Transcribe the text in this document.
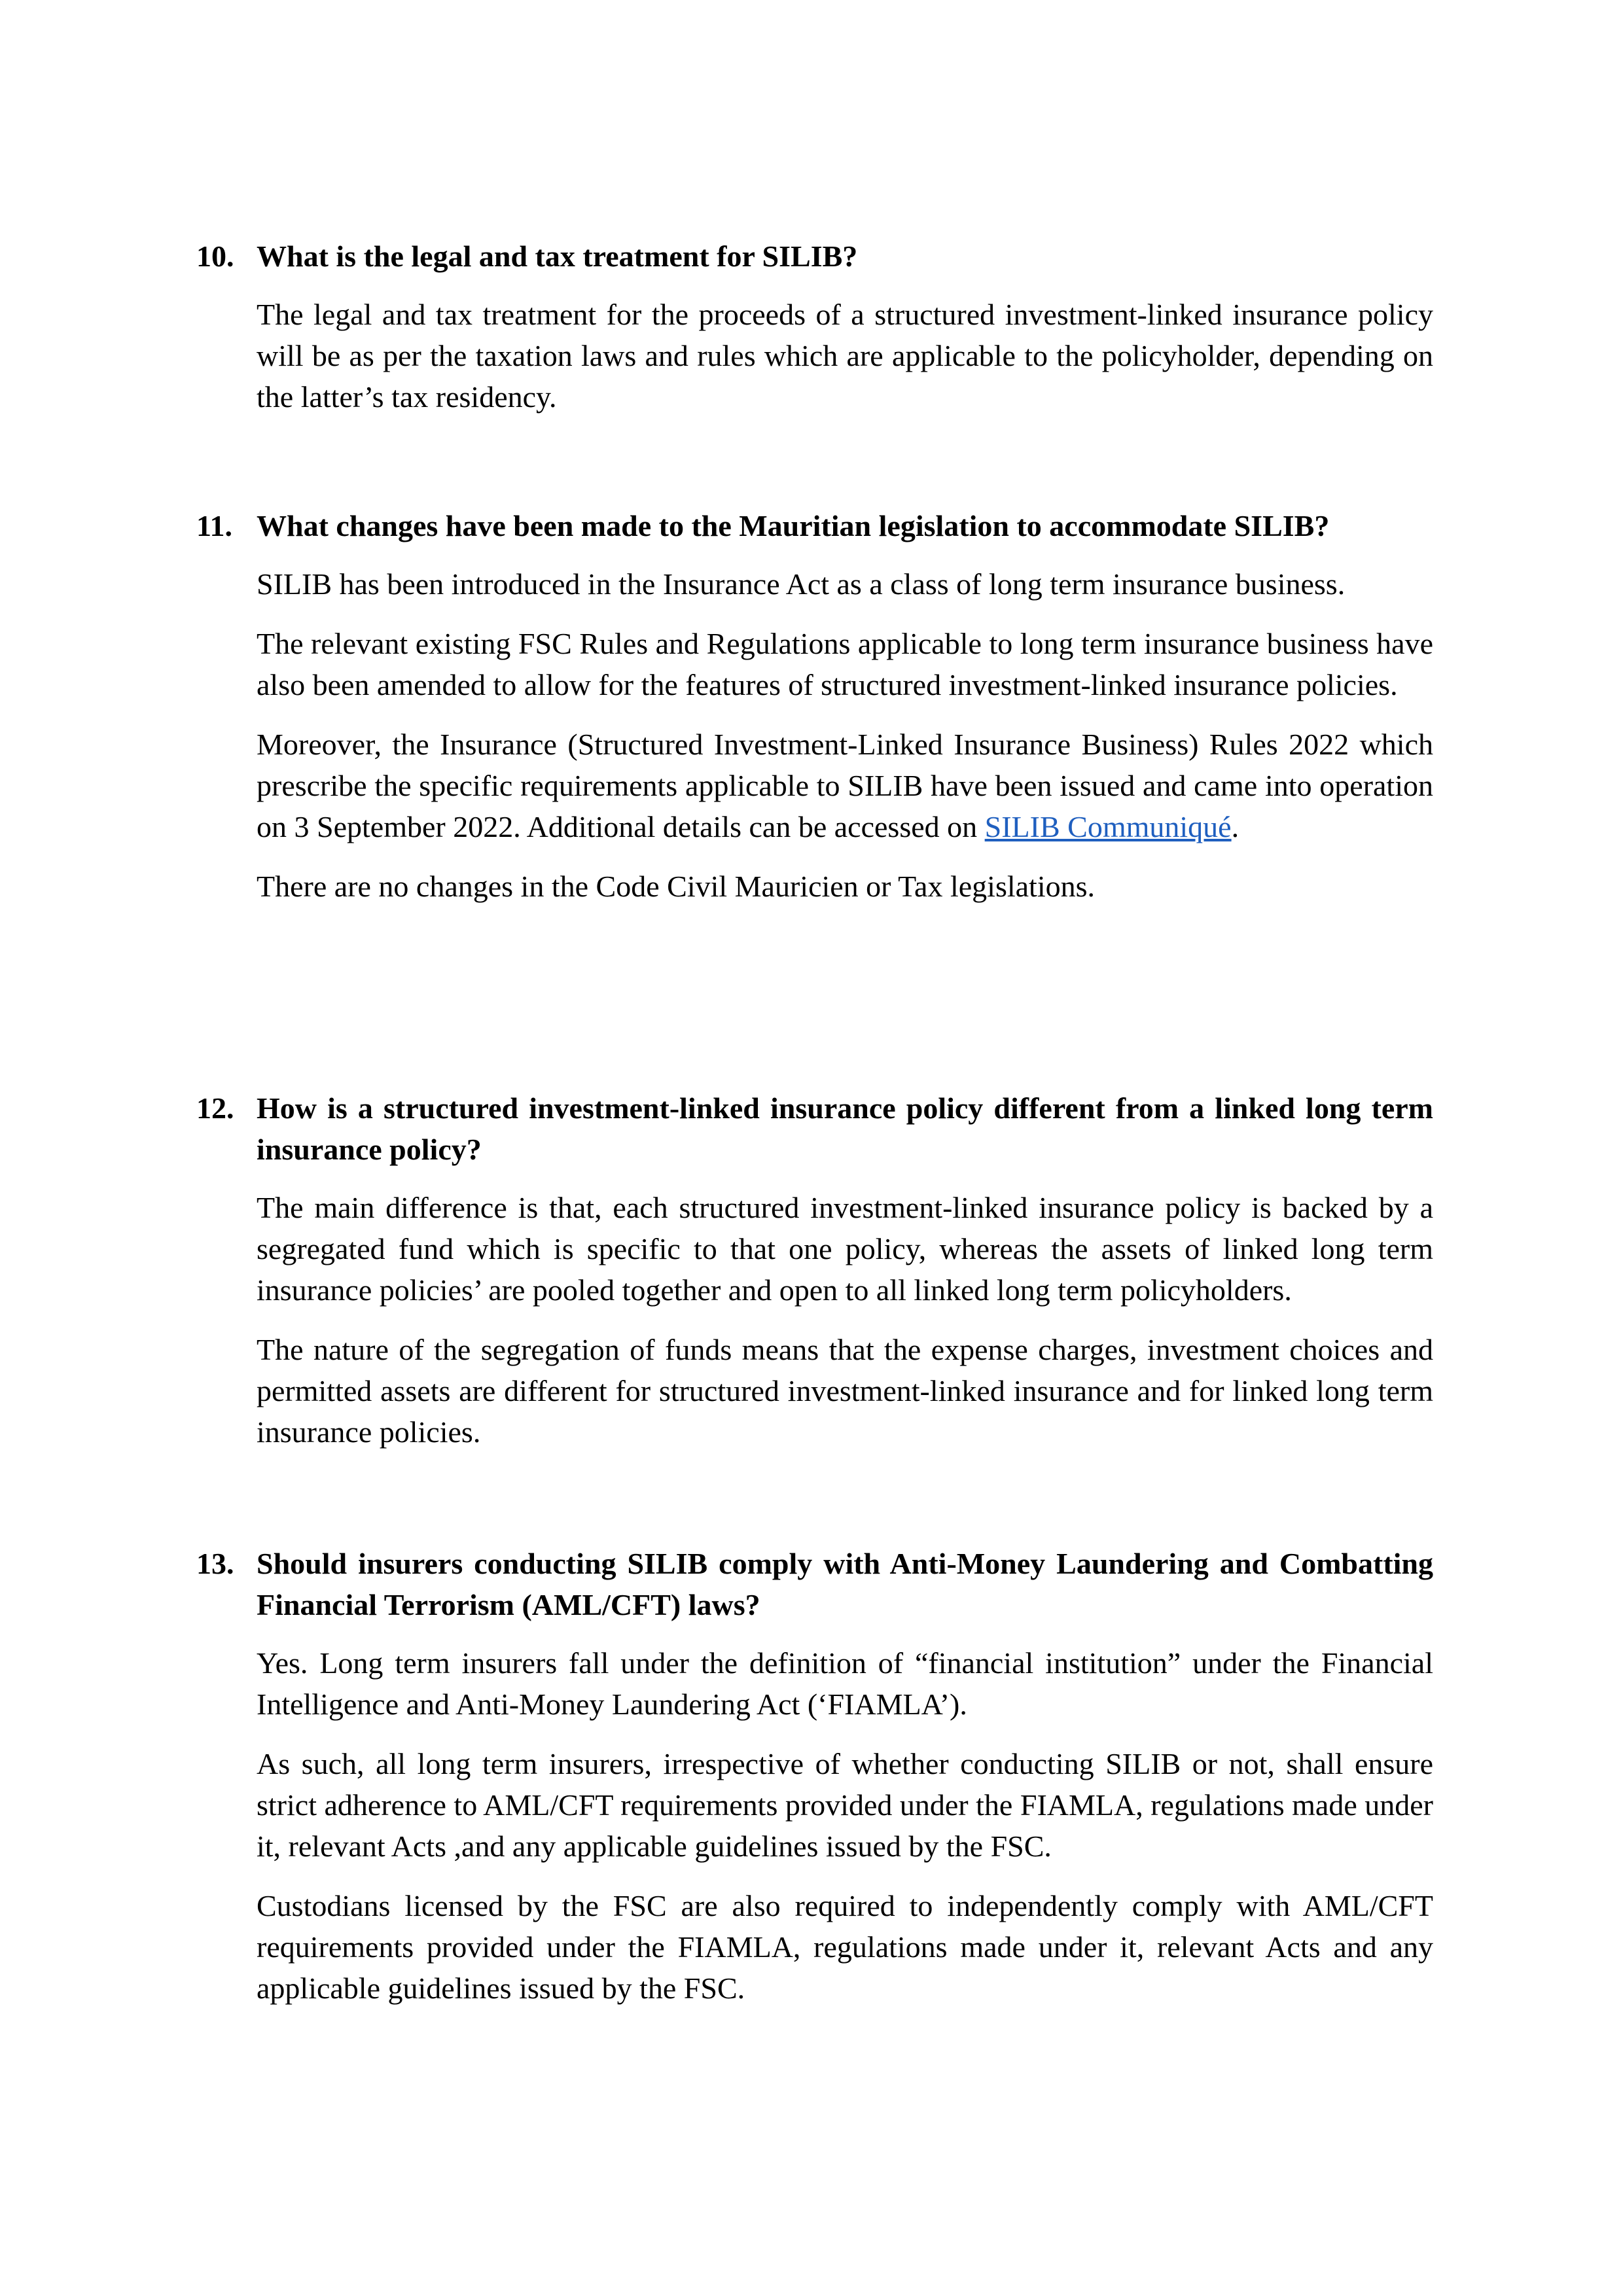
10. What is the legal and tax treatment for SILIB?

The legal and tax treatment for the proceeds of a structured investment-linked insurance policy will be as per the taxation laws and rules which are applicable to the policyholder, depending on the latter’s tax residency.

11. What changes have been made to the Mauritian legislation to accommodate SILIB?

SILIB has been introduced in the Insurance Act as a class of long term insurance business.

The relevant existing FSC Rules and Regulations applicable to long term insurance business have also been amended to allow for the features of structured investment-linked insurance policies.

Moreover, the Insurance (Structured Investment-Linked Insurance Business) Rules 2022 which prescribe the specific requirements applicable to SILIB have been issued and came into operation on 3 September 2022. Additional details can be accessed on SILIB Communiqué.

There are no changes in the Code Civil Mauricien or Tax legislations.

12. How is a structured investment-linked insurance policy different from a linked long term insurance policy?

The main difference is that, each structured investment-linked insurance policy is backed by a segregated fund which is specific to that one policy, whereas the assets of linked long term insurance policies’ are pooled together and open to all linked long term policyholders.

The nature of the segregation of funds means that the expense charges, investment choices and permitted assets are different for structured investment-linked insurance and for linked long term insurance policies.

13. Should insurers conducting SILIB comply with Anti-Money Laundering and Combatting Financial Terrorism (AML/CFT) laws?

Yes. Long term insurers fall under the definition of “financial institution” under the Financial Intelligence and Anti-Money Laundering Act (‘FIAMLA’).

As such, all long term insurers, irrespective of whether conducting SILIB or not, shall ensure strict adherence to AML/CFT requirements provided under the FIAMLA, regulations made under it, relevant Acts ,and any applicable guidelines issued by the FSC.

Custodians licensed by the FSC are also required to independently comply with AML/CFT requirements provided under the FIAMLA, regulations made under it, relevant Acts and any applicable guidelines issued by the FSC.
